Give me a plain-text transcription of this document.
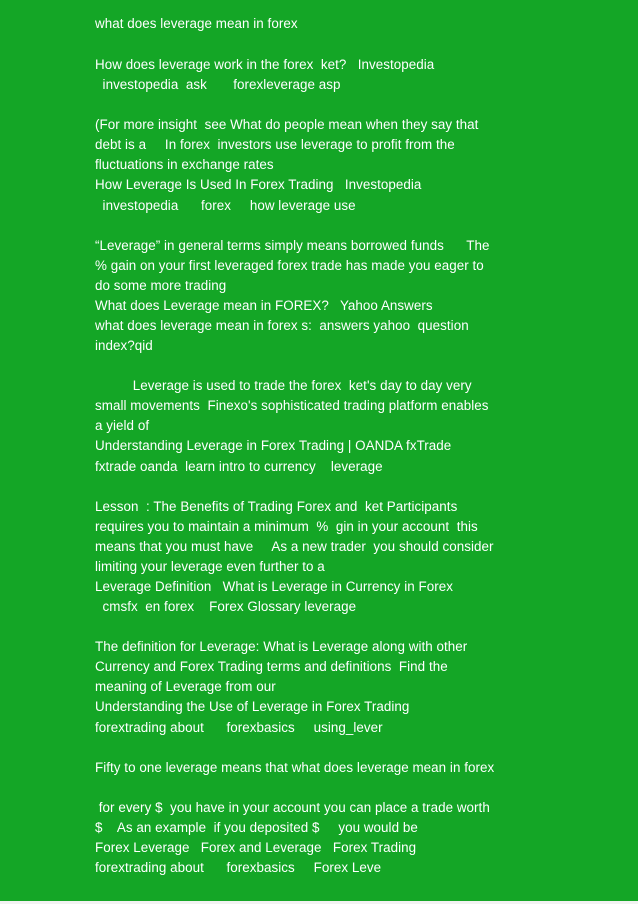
what does leverage mean in forex
How does leverage work in the forex  ket?   Investopedia
investopedia  ask       forexleverage asp
(For more insight  see What do people mean when they say that
debt is a     In forex  investors use leverage to profit from the
fluctuations in exchange rates
How Leverage Is Used In Forex Trading   Investopedia
investopedia      forex     how leverage use
“Leverage” in general terms simply means borrowed funds      The
% gain on your first leveraged forex trade has made you eager to
do some more trading
What does Leverage mean in FOREX?   Yahoo Answers
what does leverage mean in forex s:  answers yahoo  question
index?qid
Leverage is used to trade the forex  ket's day to day very
small movements  Finexo's sophisticated trading platform enables
a yield of
Understanding Leverage in Forex Trading | OANDA fxTrade
fxtrade oanda  learn intro to currency    leverage
Lesson  : The Benefits of Trading Forex and  ket Participants
requires you to maintain a minimum  %  gin in your account  this
means that you must have     As a new trader  you should consider
limiting your leverage even further to a
Leverage Definition   What is Leverage in Currency in Forex
cmsfx  en forex    Forex Glossary leverage
The definition for Leverage: What is Leverage along with other
Currency and Forex Trading terms and definitions  Find the
meaning of Leverage from our
Understanding the Use of Leverage in Forex Trading
forextrading about      forexbasics     using_lever
Fifty to one leverage means that what does leverage mean in forex
for every $  you have in your account you can place a trade worth
$    As an example  if you deposited $     you would be
Forex Leverage   Forex and Leverage   Forex Trading
forextrading about      forexbasics     Forex Leve
